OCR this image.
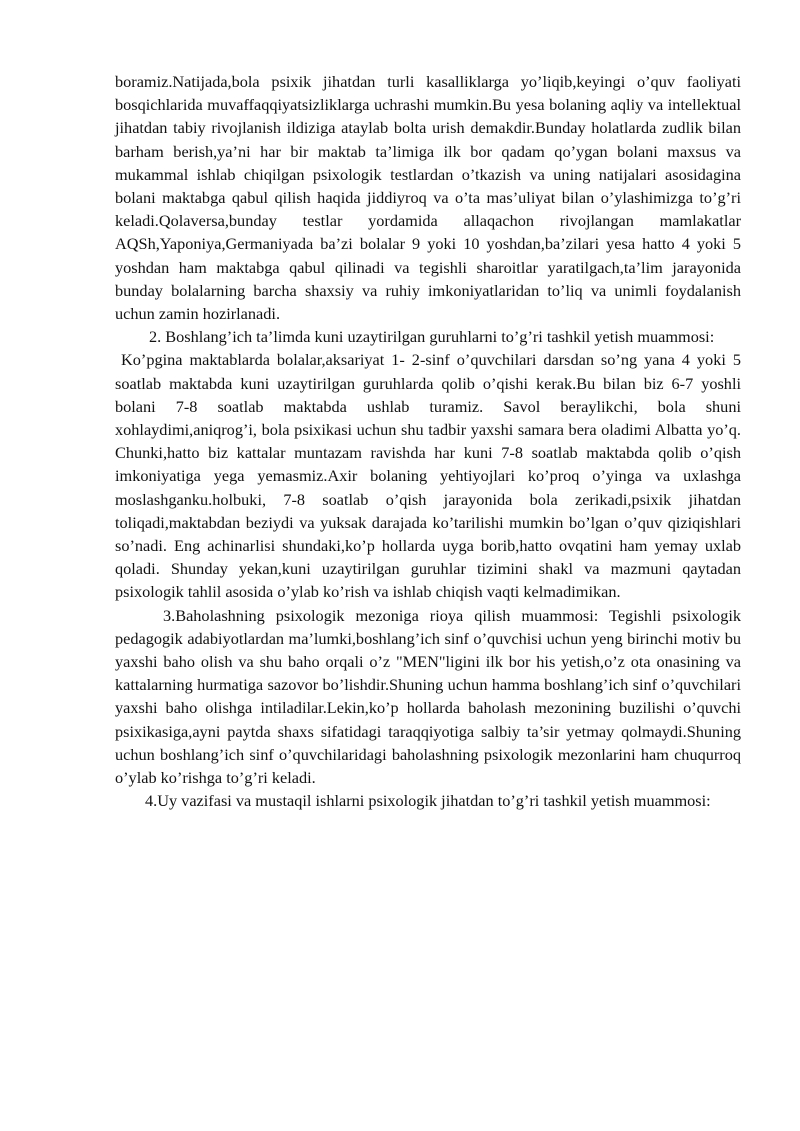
boramiz.Natijada,bola psixik jihatdan turli kasalliklarga yo’liqib,keyingi o’quv faoliyati bosqichlarida muvaffaqqiyatsizliklarga uchrashi mumkin.Bu yesa bolaning aqliy va intellektual jihatdan tabiy rivojlanish ildiziga ataylab bolta urish demakdir.Bunday holatlarda zudlik bilan barham berish,ya’ni har bir maktab ta’limiga ilk bor qadam qo’ygan bolani maxsus va mukammal ishlab chiqilgan psixologik testlardan o’tkazish va uning natijalari asosidagina bolani maktabga qabul qilish haqida jiddiyroq va o’ta mas’uliyat bilan o’ylashimizga to’g’ri keladi.Qolaversa,bunday testlar yordamida allaqachon rivojlangan mamlakatlar AQSh,Yaponiya,Germaniyada ba’zi bolalar 9 yoki 10 yoshdan,ba’zilari yesa hatto 4 yoki 5 yoshdan ham maktabga qabul qilinadi va tegishli sharoitlar yaratilgach,ta’lim jarayonida bunday bolalarning barcha shaxsiy va ruhiy imkoniyatlaridan to’liq va unimli foydalanish uchun zamin hozirlanadi.

2. Boshlang’ich ta’limda kuni uzaytirilgan guruhlarni to’g’ri tashkil yetish muammosi:

Ko’pgina maktablarda bolalar,aksariyat 1- 2-sinf o’quvchilari darsdan so’ng yana 4 yoki 5 soatlab maktabda kuni uzaytirilgan guruhlarda qolib o’qishi kerak.Bu bilan biz 6-7 yoshli bolani 7-8 soatlab maktabda ushlab turamiz. Savol beraylikchi, bola shuni xohlaydimi,aniqrog’i, bola psixikasi uchun shu tadbir yaxshi samara bera oladimi Albatta yo’q. Chunki,hatto biz kattalar muntazam ravishda har kuni 7-8 soatlab maktabda qolib o’qish imkoniyatiga yega yemasmiz.Axir bolaning yehtiyojlari ko’proq o’yinga va uxlashga moslashganku.holbuki, 7-8 soatlab o’qish jarayonida bola zerikadi,psixik jihatdan toliqadi,maktabdan beziydi va yuksak darajada ko’tarilishi mumkin bo’lgan o’quv qiziqishlari so’nadi. Eng achinarlisi shundaki,ko’p hollarda uyga borib,hatto ovqatini ham yemay uxlab qoladi. Shunday yekan,kuni uzaytirilgan guruhlar tizimini shakl va mazmuni qaytadan psixologik tahlil asosida o’ylab ko’rish va ishlab chiqish vaqti kelmadimikan.

3.Baholashning psixologik mezoniga rioya qilish muammosi: Tegishli psixologik pedagogik adabiyotlardan ma’lumki,boshlang’ich sinf o’quvchisi uchun yeng birinchi motiv bu yaxshi baho olish va shu baho orqali o’z "MEN"ligini ilk bor his yetish,o’z ota onasining va kattalarning hurmatiga sazovor bo’lishdir.Shuning uchun hamma boshlang’ich sinf o’quvchilari yaxshi baho olishga intiladilar.Lekin,ko’p hollarda baholash mezonining buzilishi o’quvchi psixikasiga,ayni paytda shaxs sifatidagi taraqqiyotiga salbiy ta’sir yetmay qolmaydi.Shuning uchun boshlang’ich sinf o’quvchilaridagi baholashning psixologik mezonlarini ham chuqurroq o’ylab ko’rishga to’g’ri keladi.

4.Uy vazifasi va mustaqil ishlarni psixologik jihatdan to’g’ri tashkil yetish muammosi:
